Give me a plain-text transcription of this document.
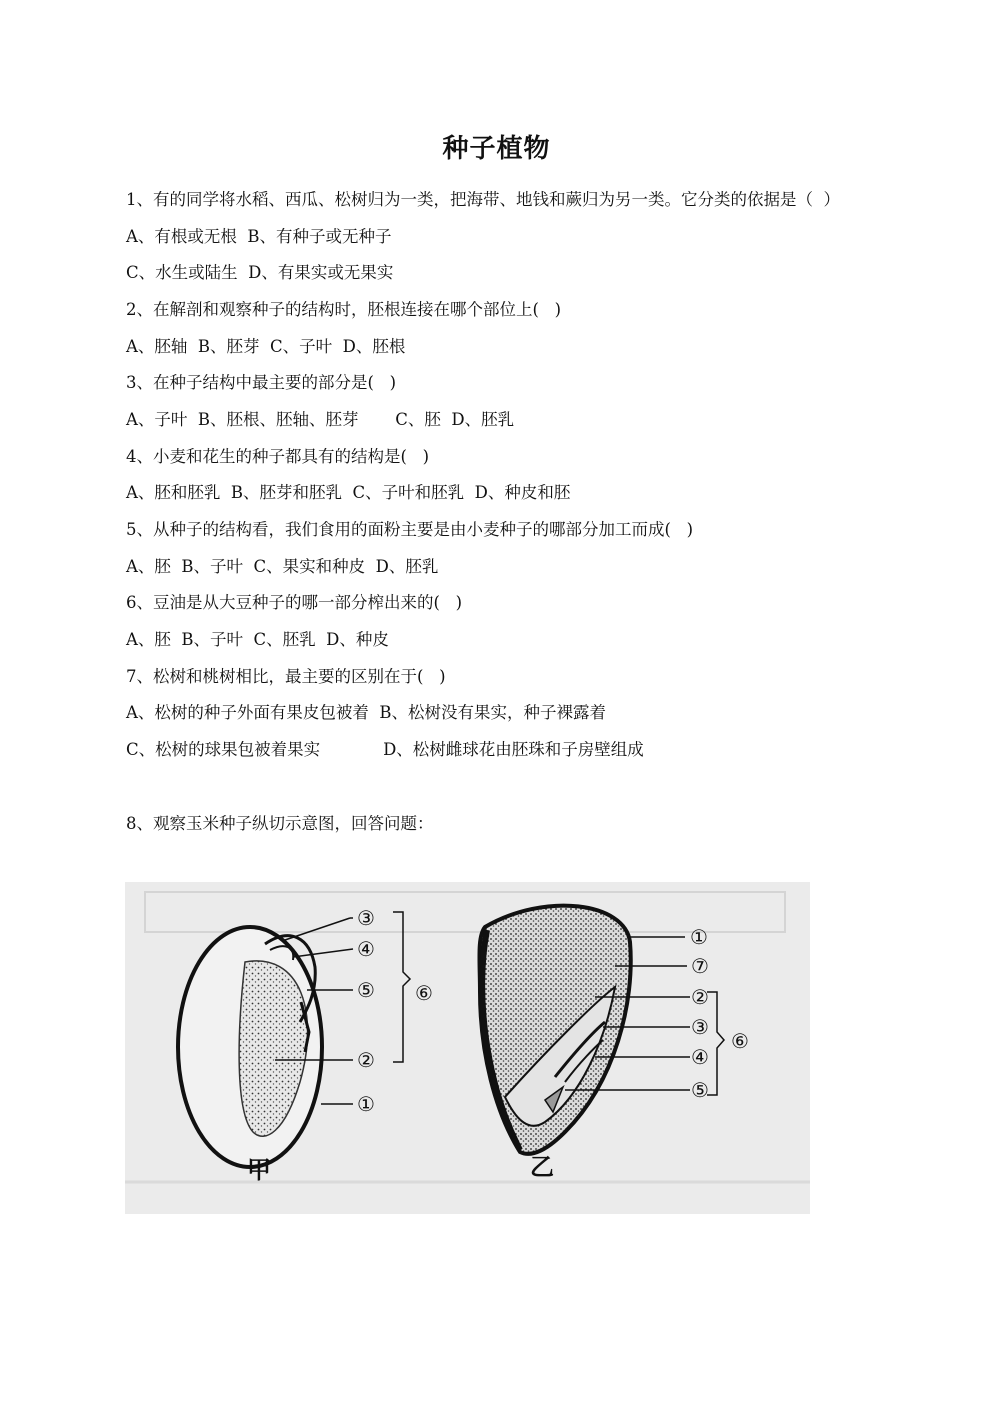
种子植物
1、有的同学将水稻、西瓜、松树归为一类，把海带、地钱和蕨归为另一类。它分类的依据是（  ）
A、有根或无根  B、有种子或无种子
C、水生或陆生  D、有果实或无果实
2、在解剖和观察种子的结构时，胚根连接在哪个部位上(   )
A、胚轴  B、胚芽  C、子叶  D、胚根
3、在种子结构中最主要的部分是(   )
A、子叶  B、胚根、胚轴、胚芽       C、胚  D、胚乳
4、小麦和花生的种子都具有的结构是(   )
A、胚和胚乳  B、胚芽和胚乳  C、子叶和胚乳  D、种皮和胚
5、从种子的结构看，我们食用的面粉主要是由小麦种子的哪部分加工而成(   )
A、胚  B、子叶  C、果实和种皮  D、胚乳
6、豆油是从大豆种子的哪一部分榨出来的(   )
A、胚  B、子叶  C、胚乳  D、种皮
7、松树和桃树相比，最主要的区别在于(   )
A、松树的种子外面有果皮包被着  B、松树没有果实，种子裸露着
C、松树的球果包被着果实            D、松树雌球花由胚珠和子房壁组成
8、观察玉米种子纵切示意图，回答问题：
③
④
⑤
②
①
⑥
甲
①
⑦
②
③
④
⑤
⑥
乙
